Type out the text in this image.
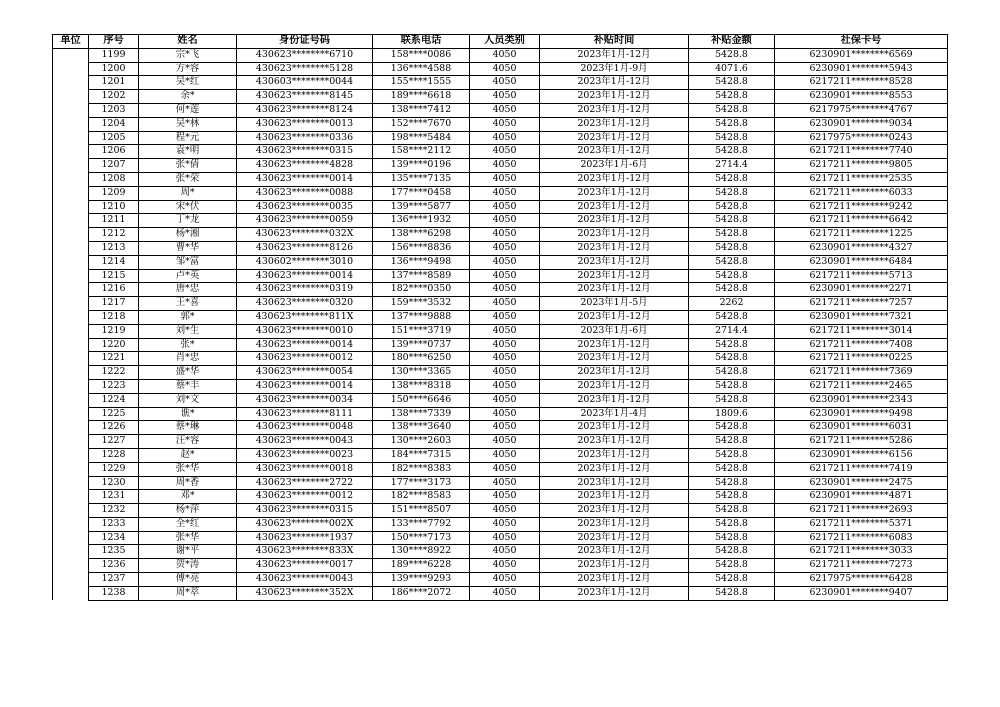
单位	序号	姓名	身份证号码	联系电话	人员类别	补贴时间	补贴金额	社保卡号
	1199	宗*飞	430623********6710	158****0086	4050	2023年1月-12月	5428.8	6230901********6569
	1200	方*容	430623********5128	136****4588	4050	2023年1月-9月	4071.6	6230901********5943
	1201	吴*红	430603********0044	155****1555	4050	2023年1月-12月	5428.8	6217211********8528
	1202	余*	430623********8145	189****6618	4050	2023年1月-12月	5428.8	6230901********8553
	1203	何*莲	430623********8124	138****7412	4050	2023年1月-12月	5428.8	6217975********4767
	1204	吴*林	430623********0013	152****7670	4050	2023年1月-12月	5428.8	6230901********9034
	1205	程*元	430623********0336	198****5484	4050	2023年1月-12月	5428.8	6217975********0243
	1206	袁*明	430623********0315	158****2112	4050	2023年1月-12月	5428.8	6217211********7740
	1207	张*倩	430623********4828	139****0196	4050	2023年1月-6月	2714.4	6217211********9805
	1208	张*荣	430623********0014	135****7135	4050	2023年1月-12月	5428.8	6217211********2535
	1209	周*	430623********0088	177****0458	4050	2023年1月-12月	5428.8	6217211********6033
	1210	宋*伏	430623********0035	139****5877	4050	2023年1月-12月	5428.8	6217211********9242
	1211	丁*龙	430623********0059	136****1932	4050	2023年1月-12月	5428.8	6217211********6642
	1212	杨*湘	430623********032X	138****6298	4050	2023年1月-12月	5428.8	6217211********1225
	1213	曹*华	430623********8126	156****8836	4050	2023年1月-12月	5428.8	6230901********4327
	1214	邹*富	430602********3010	136****9498	4050	2023年1月-12月	5428.8	6230901********6484
	1215	卢*英	430623********0014	137****8589	4050	2023年1月-12月	5428.8	6217211********5713
	1216	唐*忠	430623********0319	182****0350	4050	2023年1月-12月	5428.8	6230901********2271
	1217	王*喜	430623********0320	159****3532	4050	2023年1月-5月	2262	6217211********7257
	1218	郭*	430623********811X	137****9888	4050	2023年1月-12月	5428.8	6230901********7321
	1219	刘*生	430623********0010	151****3719	4050	2023年1月-6月	2714.4	6217211********3014
	1220	张*	430623********0014	139****0737	4050	2023年1月-12月	5428.8	6217211********7408
	1221	肖*忠	430623********0012	180****6250	4050	2023年1月-12月	5428.8	6217211********0225
	1222	盛*华	430623********0054	130****3365	4050	2023年1月-12月	5428.8	6217211********7369
	1223	蔡*丰	430623********0014	138****8318	4050	2023年1月-12月	5428.8	6217211********2465
	1224	刘*文	430623********0034	150****6646	4050	2023年1月-12月	5428.8	6230901********2343
	1225	谯*	430623********8111	138****7339	4050	2023年1月-4月	1809.6	6230901********9498
	1226	蔡*琳	430623********0048	138****3640	4050	2023年1月-12月	5428.8	6230901********6031
	1227	汪*容	430623********0043	130****2603	4050	2023年1月-12月	5428.8	6217211********5286
	1228	赵*	430623********0023	184****7315	4050	2023年1月-12月	5428.8	6230901********6156
	1229	张*华	430623********0018	182****8383	4050	2023年1月-12月	5428.8	6217211********7419
	1230	周*香	430623********2722	177****3173	4050	2023年1月-12月	5428.8	6230901********2475
	1231	邓*	430623********0012	182****8583	4050	2023年1月-12月	5428.8	6230901********4871
	1232	杨*萍	430623********0315	151****8507	4050	2023年1月-12月	5428.8	6217211********2693
	1233	全*红	430623********002X	133****7792	4050	2023年1月-12月	5428.8	6217211********5371
	1234	张*华	430623********1937	150****7173	4050	2023年1月-12月	5428.8	6217211********6083
	1235	谢*平	430623********833X	130****8922	4050	2023年1月-12月	5428.8	6217211********3033
	1236	贺*涛	430623********0017	189****6228	4050	2023年1月-12月	5428.8	6217211********7273
	1237	傅*亮	430623********0043	139****9293	4050	2023年1月-12月	5428.8	6217975********6428
	1238	周*萃	430623********352X	186****2072	4050	2023年1月-12月	5428.8	6230901********9407
